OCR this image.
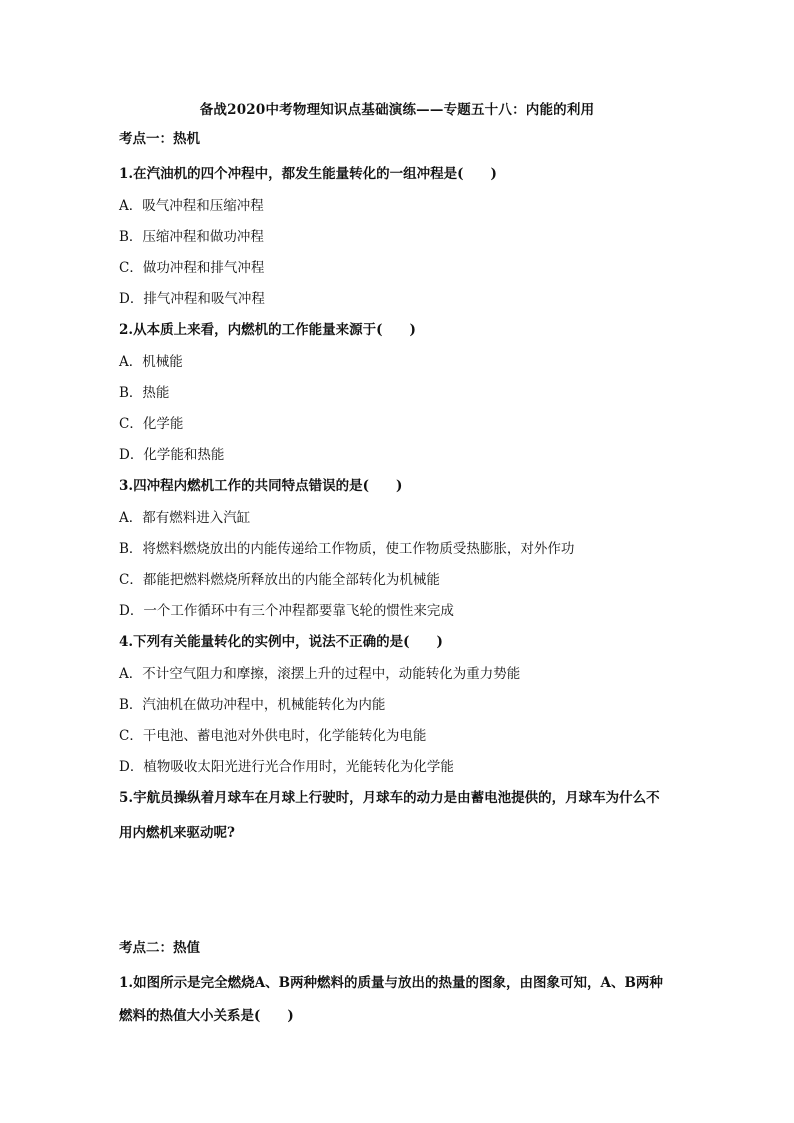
备战2020中考物理知识点基础演练——专题五十八：内能的利用
考点一：热机
1.在汽油机的四个冲程中，都发生能量转化的一组冲程是(　　)
A．吸气冲程和压缩冲程
B．压缩冲程和做功冲程
C．做功冲程和排气冲程
D．排气冲程和吸气冲程
2.从本质上来看，内燃机的工作能量来源于(　　)
A．机械能
B．热能
C．化学能
D．化学能和热能
3.四冲程内燃机工作的共同特点错误的是(　　)
A．都有燃料进入汽缸
B．将燃料燃烧放出的内能传递给工作物质，使工作物质受热膨胀，对外作功
C．都能把燃料燃烧所释放出的内能全部转化为机械能
D．一个工作循环中有三个冲程都要靠飞轮的惯性来完成
4.下列有关能量转化的实例中，说法不正确的是(　　)
A．不计空气阻力和摩擦，滚摆上升的过程中，动能转化为重力势能
B．汽油机在做功冲程中，机械能转化为内能
C．干电池、蓄电池对外供电时，化学能转化为电能
D．植物吸收太阳光进行光合作用时，光能转化为化学能
5.宇航员操纵着月球车在月球上行驶时，月球车的动力是由蓄电池提供的，月球车为什么不
用内燃机来驱动呢?
考点二：热值
1.如图所示是完全燃烧A、B两种燃料的质量与放出的热量的图象，由图象可知，A、B两种
燃料的热值大小关系是(　　)
